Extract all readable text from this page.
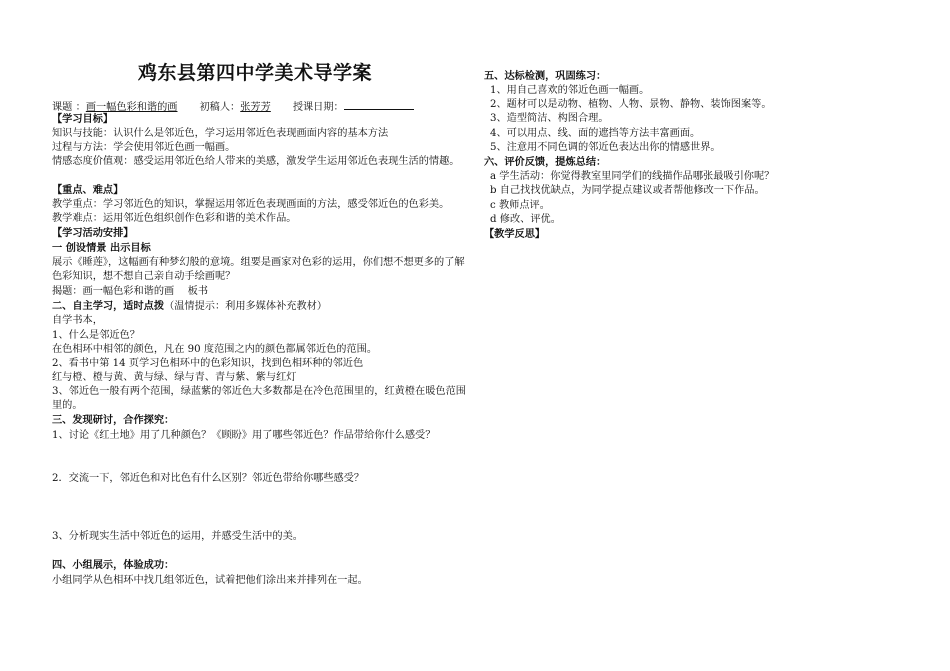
鸡东县第四中学美术导学案
课题 ：画一幅色彩和谐的画 初稿人：张芳芳 授课日期：
【学习目标】
知识与技能：认识什么是邻近色，学习运用邻近色表现画面内容的基本方法
过程与方法：学会使用邻近色画一幅画。
情感态度价值观：感受运用邻近色给人带来的美感，激发学生运用邻近色表现生活的情趣。
【重点、难点】
教学重点：学习邻近色的知识，掌握运用邻近色表现画面的方法，感受邻近色的色彩美。
教学难点：运用邻近色组织创作色彩和谐的美术作品。
【学习活动安排】
一 创设情景 出示目标
展示《睡莲》，这幅画有种梦幻般的意境。组要是画家对色彩的运用，你们想不想更多的了解色彩知识，想不想自己亲自动手绘画呢？
揭题：画一幅色彩和谐的画　 板书
二、自主学习，适时点拨（温情提示：利用多媒体补充教材）
自学书本，
1、什么是邻近色？
在色相环中相邻的颜色，凡在 90 度范围之内的颜色都属邻近色的范围。
2、看书中第 14 页学习色相环中的色彩知识，找到色相环种的邻近色
红与橙、橙与黄、黄与绿、绿与青、青与紫、紫与红灯
3、邻近色一般有两个范围，绿蓝紫的邻近色大多数都是在冷色范围里的，红黄橙在暖色范围里的。
三、发现研讨，合作探究：
1、讨论《红土地》用了几种颜色？《顾盼》用了哪些邻近色？作品带给你什么感受？
2．交流一下，邻近色和对比色有什么区别？邻近色带给你哪些感受？
3、分析现实生活中邻近色的运用，并感受生活中的美。
四、小组展示，体验成功：
小组同学从色相环中找几组邻近色，试着把他们涂出来并排列在一起。
五、达标检测，巩固练习：
1、用自己喜欢的邻近色画一幅画。
2、题材可以是动物、植物、人物、景物、静物、装饰图案等。
3、造型简洁、构图合理。
4、可以用点、线、面的遮挡等方法丰富画面。
5、注意用不同色调的邻近色表达出你的情感世界。
六、评价反馈，提炼总结：
a 学生活动：你觉得教室里同学们的线描作品哪张最吸引你呢？
b 自己找找优缺点，为同学提点建议或者帮他修改一下作品。
c 教师点评。
d 修改、评优。
【教学反思】
